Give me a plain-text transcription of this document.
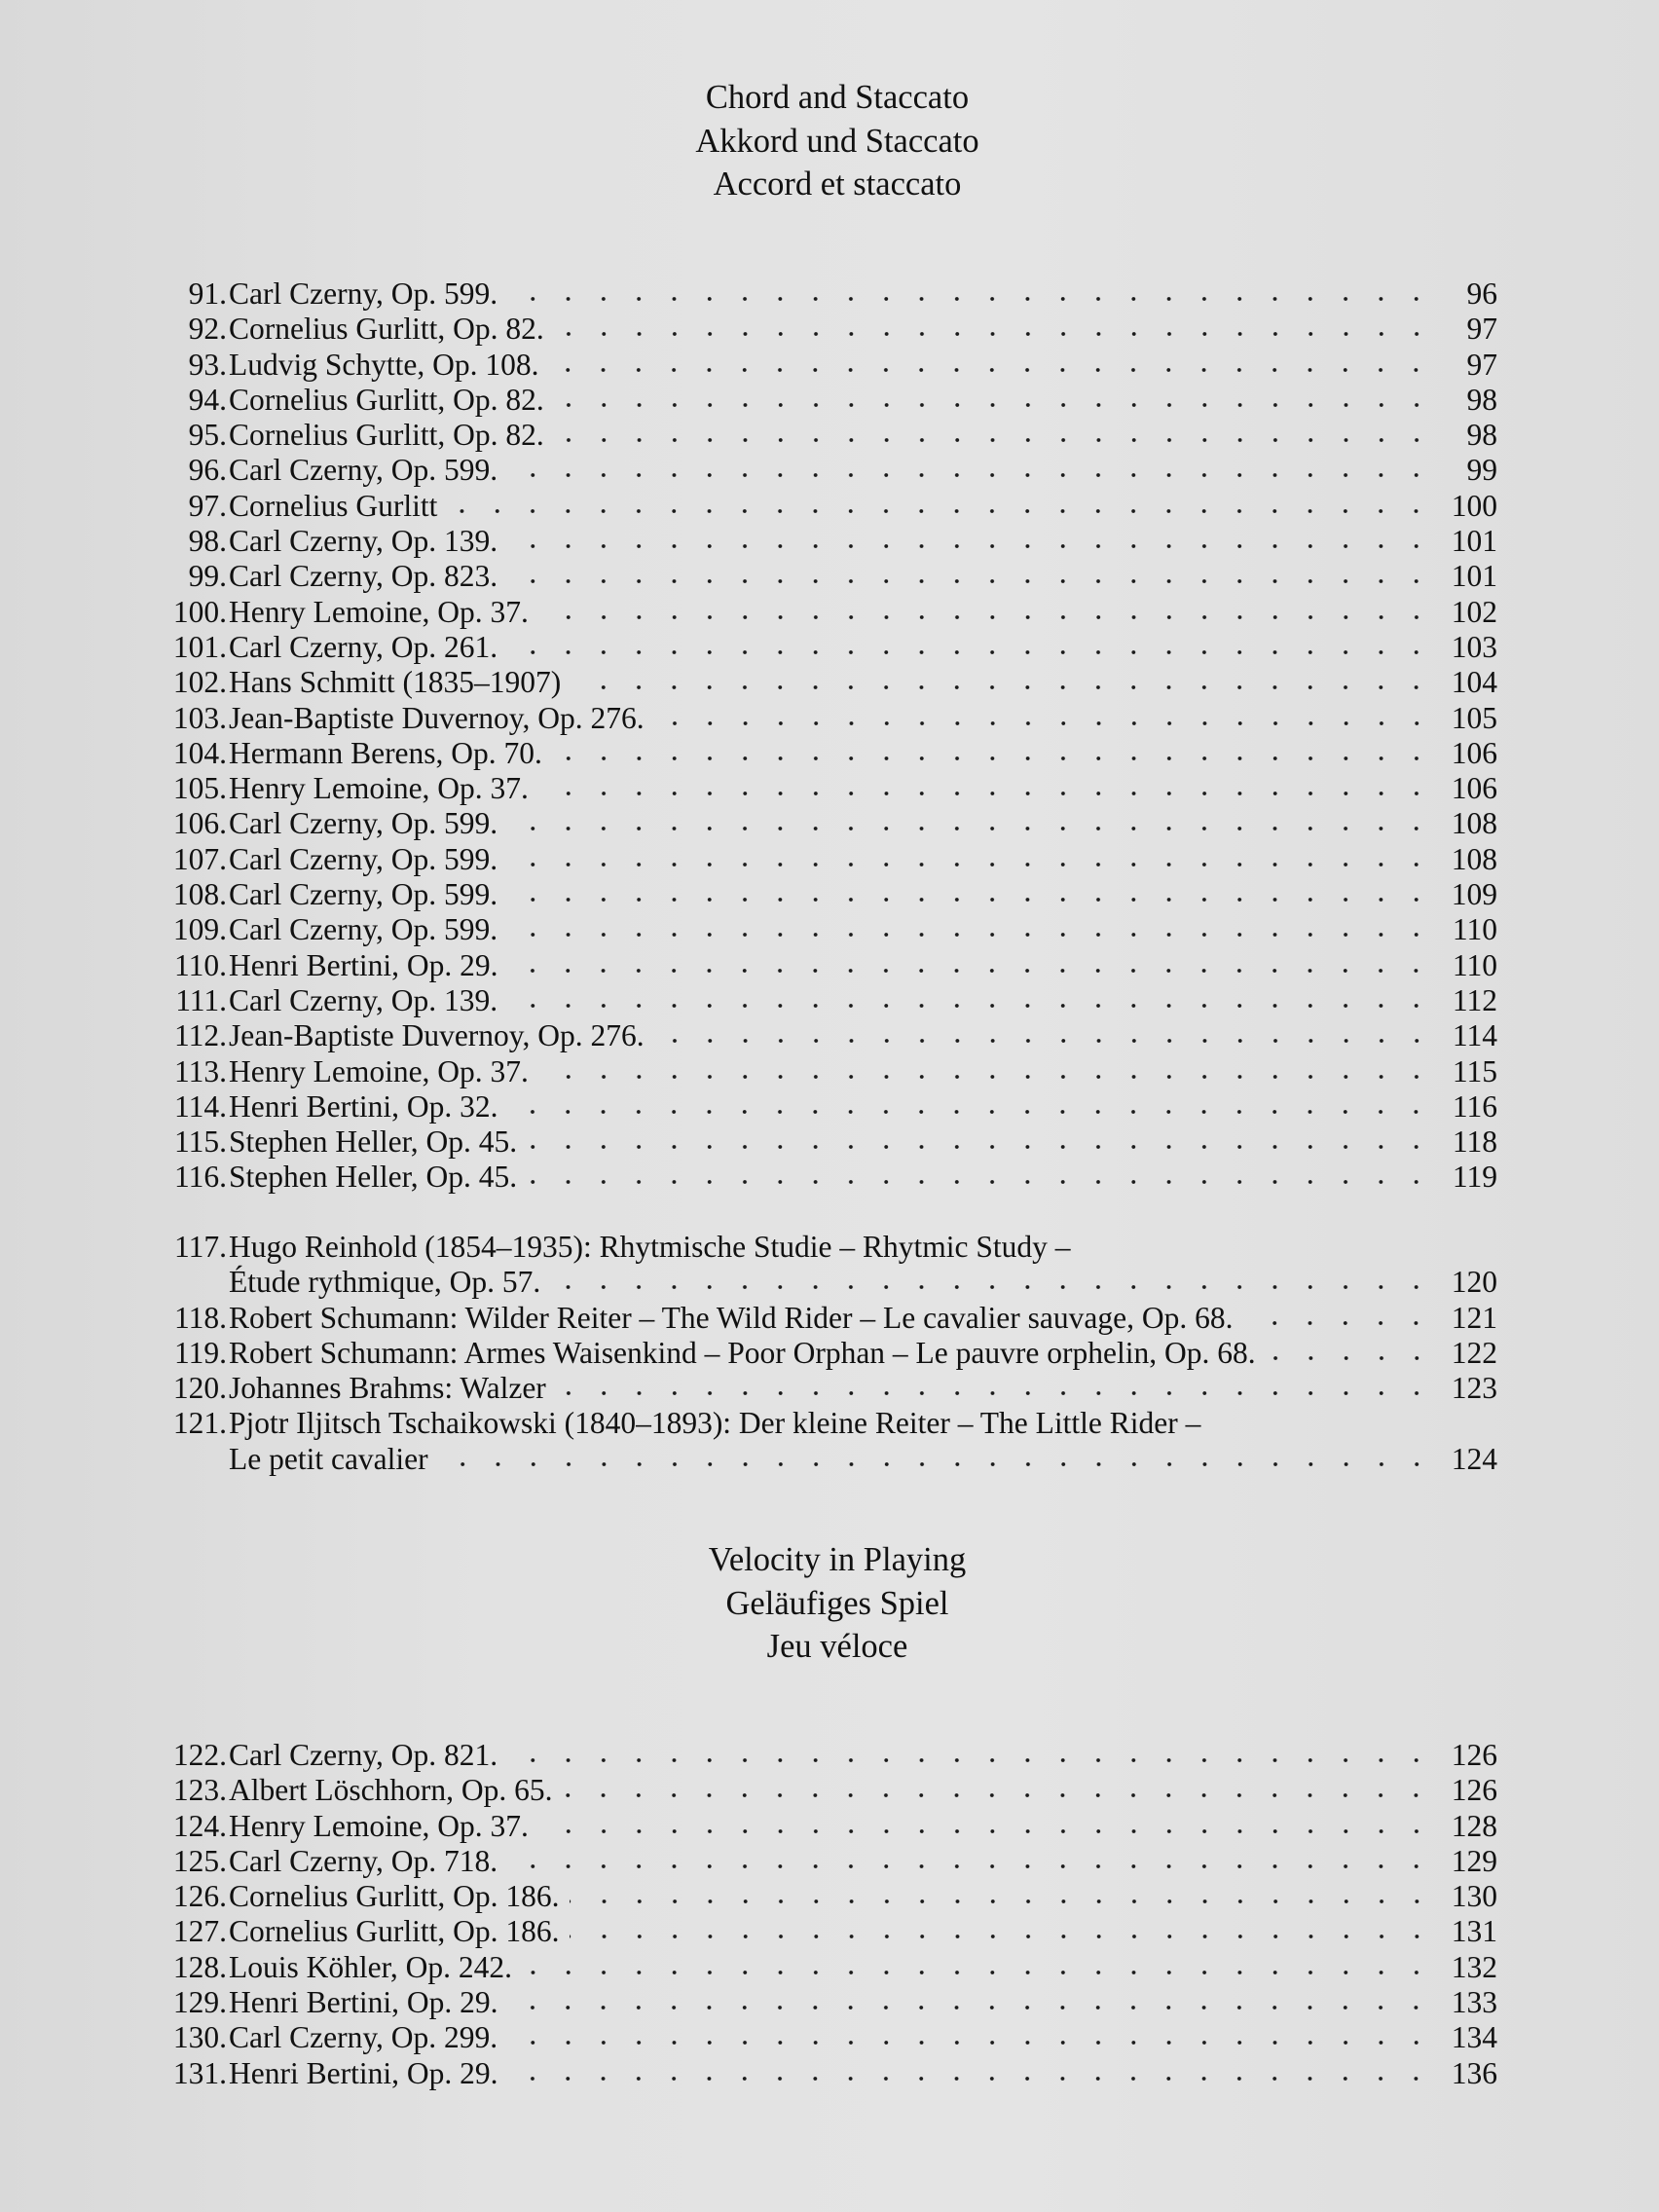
Chord and Staccato
Akkord und Staccato
Accord et staccato
91. Carl Czerny, Op. 599.	96
92. Cornelius Gurlitt, Op. 82.	97
93. Ludvig Schytte, Op. 108.	97
94. Cornelius Gurlitt, Op. 82.	98
95. Cornelius Gurlitt, Op. 82.	98
96. Carl Czerny, Op. 599.	99
97. Cornelius Gurlitt	100
98. Carl Czerny, Op. 139.	101
99. Carl Czerny, Op. 823.	101
100. Henry Lemoine, Op. 37.	102
101. Carl Czerny, Op. 261.	103
102. Hans Schmitt (1835–1907)	104
103. Jean-Baptiste Duvernoy, Op. 276.	105
104. Hermann Berens, Op. 70.	106
105. Henry Lemoine, Op. 37.	106
106. Carl Czerny, Op. 599.	108
107. Carl Czerny, Op. 599.	108
108. Carl Czerny, Op. 599.	109
109. Carl Czerny, Op. 599.	110
110. Henri Bertini, Op. 29.	110
111. Carl Czerny, Op. 139.	112
112. Jean-Baptiste Duvernoy, Op. 276.	114
113. Henry Lemoine, Op. 37.	115
114. Henri Bertini, Op. 32.	116
115. Stephen Heller, Op. 45.	118
116. Stephen Heller, Op. 45.	119
117. Hugo Reinhold (1854–1935): Rhytmische Studie – Rhytmic Study –
Étude rythmique, Op. 57.	120
118. Robert Schumann: Wilder Reiter – The Wild Rider – Le cavalier sauvage, Op. 68.	121
119. Robert Schumann: Armes Waisenkind – Poor Orphan – Le pauvre orphelin, Op. 68.	122
120. Johannes Brahms: Walzer	123
121. Pjotr Iljitsch Tschaikowski (1840–1893): Der kleine Reiter – The Little Rider –
Le petit cavalier	124
Velocity in Playing
Geläufiges Spiel
Jeu véloce
122. Carl Czerny, Op. 821.	126
123. Albert Löschhorn, Op. 65.	126
124. Henry Lemoine, Op. 37.	128
125. Carl Czerny, Op. 718.	129
126. Cornelius Gurlitt, Op. 186.	130
127. Cornelius Gurlitt, Op. 186.	131
128. Louis Köhler, Op. 242.	132
129. Henri Bertini, Op. 29.	133
130. Carl Czerny, Op. 299.	134
131. Henri Bertini, Op. 29.	136
